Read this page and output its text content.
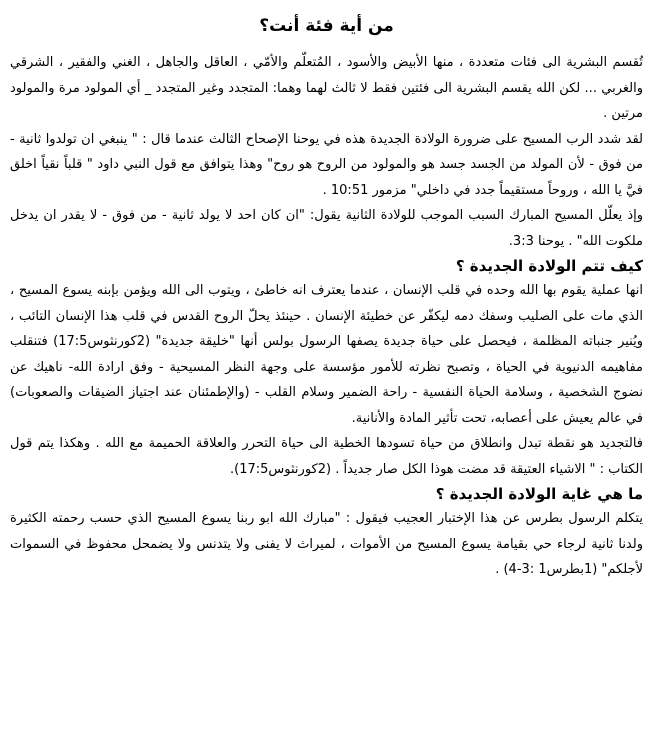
من أية فئة أنت؟

تُقسم البشرية الى فئات متعددة ، منها الأبيض والأسود ، المُتعلّم والأمّي ، العاقل والجاهل ، الغني والفقير ، الشرقي والغربي ... لكن الله يقسم البشرية الى فئتين فقط لا ثالث لهما وهما: المتجدد وغير المتجدد _ أي المولود مرة والمولود مرتين .

لقد شدد الرب المسيح على ضرورة الولادة الجديدة هذه في يوحنا الإصحاح الثالث عندما قال : " ينبغي ان تولدوا ثانية - من فوق - لأن المولد من الجسد جسد هو والمولود من الروح هو روح" وهذا يتوافق مع قول النبي داود " قلباً نقياً اخلق فيَّ يا الله ، وروحاً مستقيماً جدد في داخلي" مزمور 10:51 .

وإذ يعلّل المسيح المبارك السبب الموجب للولادة الثانية يقول: "ان كان احد لا يولد ثانية - من فوق - لا يقدر ان يدخل ملكوت الله" . يوحنا 3:3.

كيف تتم الولادة الجديدة ؟

انها عملية يقوم بها الله وحده في قلب الإنسان ، عندما يعترف انه خاطئ ، ويتوب الى الله ويؤمن بإبنه يسوع المسيح ، الذي مات على الصليب وسفك دمه ليكفّر عن خطيئة الإنسان . حينئذ يحلّ الروح القدس في قلب هذا الإنسان التائب ، ويُنير جنباته المظلمة ، فيحصل على حياة جديدة يصفها الرسول بولس أنها "خليقة جديدة" (2كورنثوس17:5) فتنقلب مفاهيمه الدنيوية في الحياة ، وتصبح نظرته للأمور مؤسسة على وجهة النظر المسيحية - وفق ارادة الله- ناهيك عن نضوج الشخصية ، وسلامة الحياة النفسية - راحة الضمير وسلام القلب - (والإطمئنان عند اجتياز الضيقات والصعوبات) في عالم يعيش على أعصابه، تحت تأثير المادة والأنانية.

فالتجديد هو نقطة تبدل وانطلاق من حياة تسودها الخطية الى حياة التحرر والعلاقة الحميمة مع الله . وهكذا يتم قول الكتاب : " الاشياء العتيقة قد مضت هوذا الكل صار جديداً . (2كورنثوس17:5).

ما هي غاية الولادة الجديدة ؟

يتكلم الرسول بطرس عن هذا الإختبار العجيب فيقول : "مبارك الله ابو ربنا يسوع المسيح الذي حسب رحمته الكثيرة ولدنا ثانية لرجاء حي بقيامة يسوع المسيح من الأموات ، لميراث لا يفنى ولا يتدنس ولا يضمحل محفوظ في السموات لأجلكم" (1بطرس1 :3-4) .
